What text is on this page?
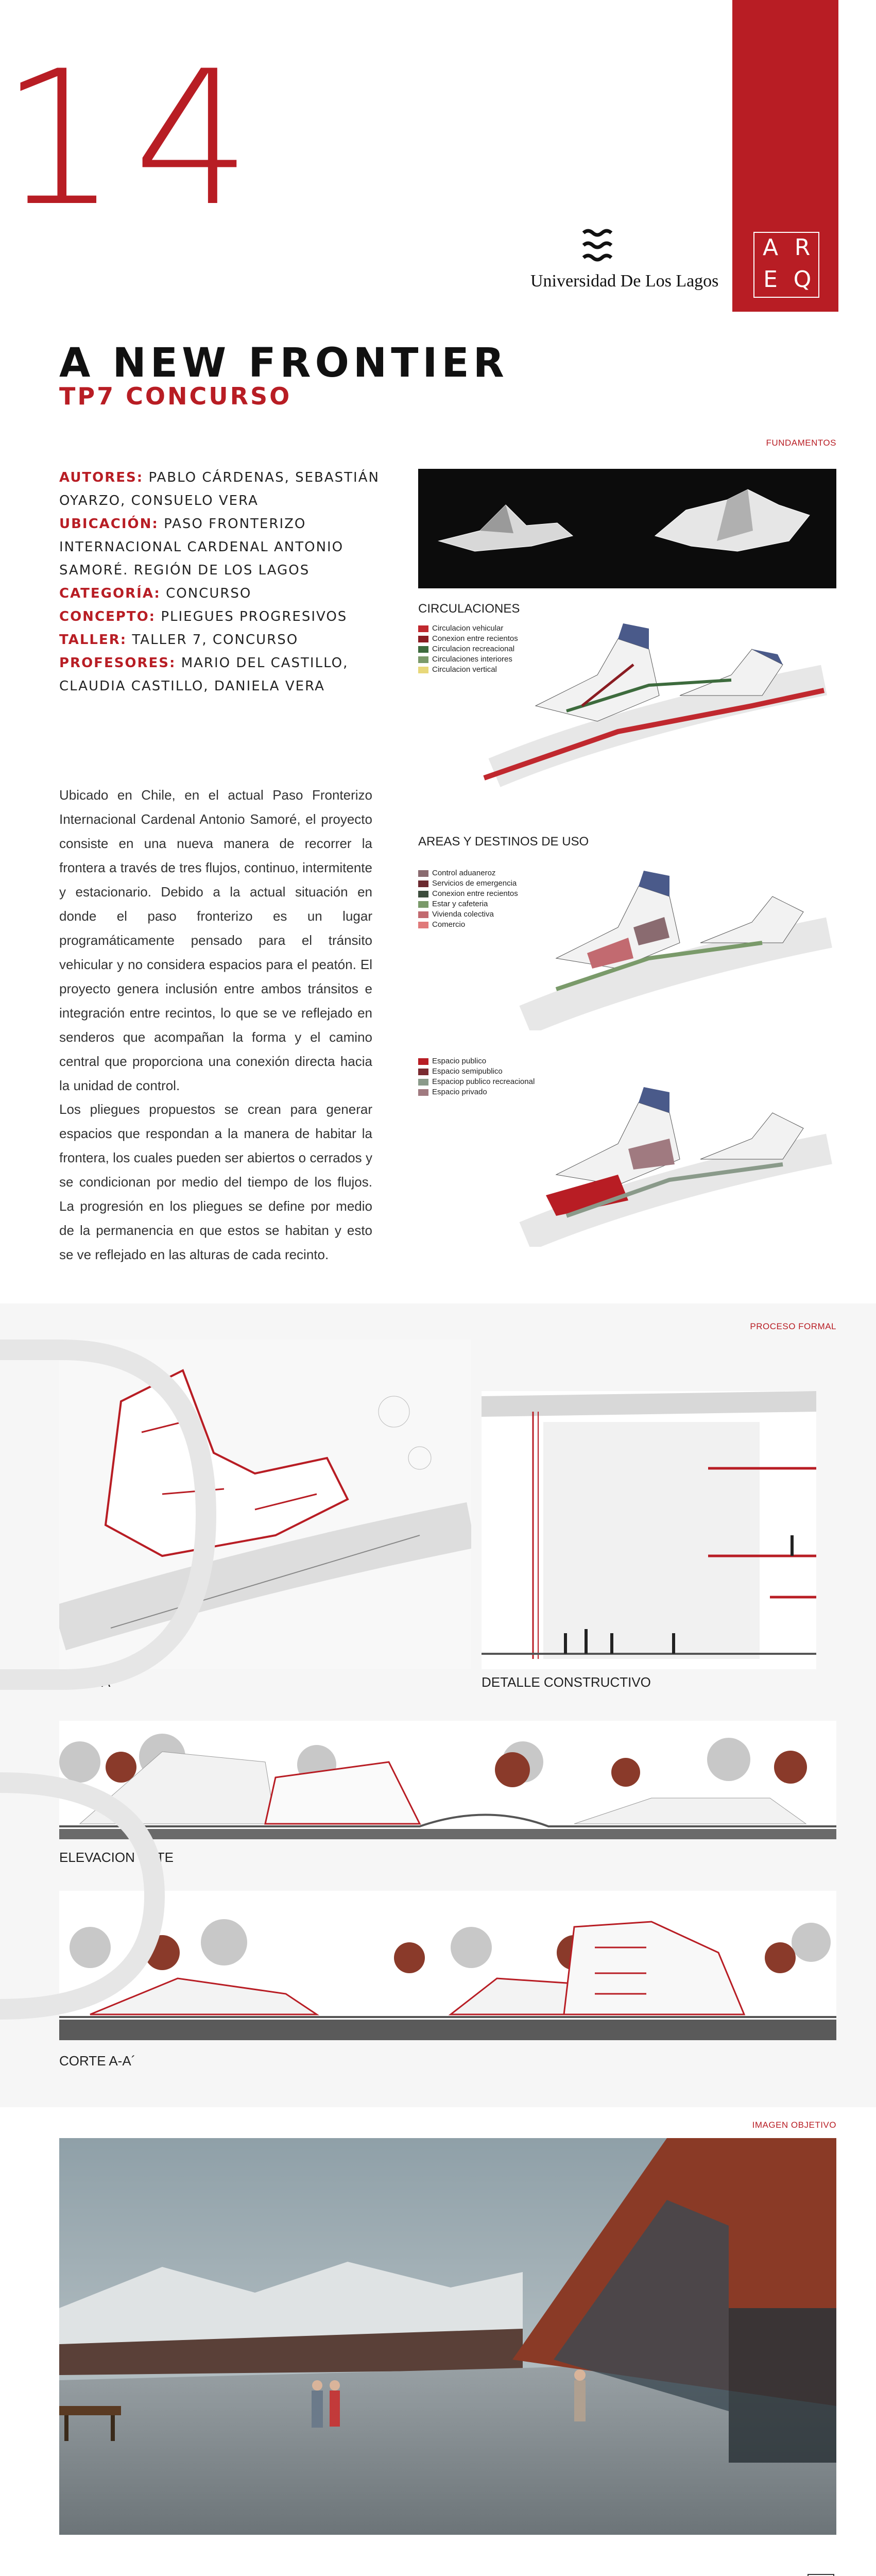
14
A R
E Q
Universidad De Los Lagos
A NEW FRONTIER
TP7 CONCURSO
FUNDAMENTOS
AUTORES: PABLO CÁRDENAS, SEBASTIÁN OYARZO, CONSUELO VERA
UBICACIÓN: PASO FRONTERIZO INTERNACIONAL CARDENAL ANTONIO SAMORÉ. REGIÓN DE LOS LAGOS
CATEGORÍA: CONCURSO
CONCEPTO: PLIEGUES PROGRESIVOS
TALLER: TALLER 7, CONCURSO
PROFESORES: MARIO DEL CASTILLO, CLAUDIA CASTILLO, DANIELA VERA
Ubicado en Chile, en el actual Paso Fronterizo Internacional Cardenal Antonio Samoré, el proyecto consiste en una nueva manera de recorrer la frontera a través de tres flujos, continuo, intermitente y estacionario. Debido a la actual situación en donde el paso fronterizo es un lugar programáticamente pensado para el tránsito vehicular y no considera espacios para el peatón. El proyecto genera inclusión entre ambos tránsitos e integración entre recintos, lo que se ve reflejado en senderos que acompañan la forma y el camino central que proporciona una conexión directa hacia la unidad de control.
Los pliegues propuestos se crean para generar espacios que respondan a la manera de habitar la frontera, los cuales pueden ser abiertos o cerrados y se condicionan por medio del tiempo de los flujos. La progresión en los pliegues se define por medio de la permanencia en que estos se habitan y esto se ve reflejado en las alturas de cada recinto.
CIRCULACIONES
Circulacion vehicular
Conexion entre recientos
Circulacion recreacional
Circulaciones interiores
Circulacion vertical
AREAS Y DESTINOS DE USO
Control aduaneroz
Servicios de emergencia
Conexion entre recientos
Estar y cafeteria
Vivienda colectiva
Comercio
Espacio publico
Espacio semipublico
Espaciop publico recreacional
Espacio privado
PROCESO FORMAL
PLANTA	DETALLE CONSTRUCTIVO
ELEVACION ESTE
CORTE A-A´
IMAGEN OBJETIVO
